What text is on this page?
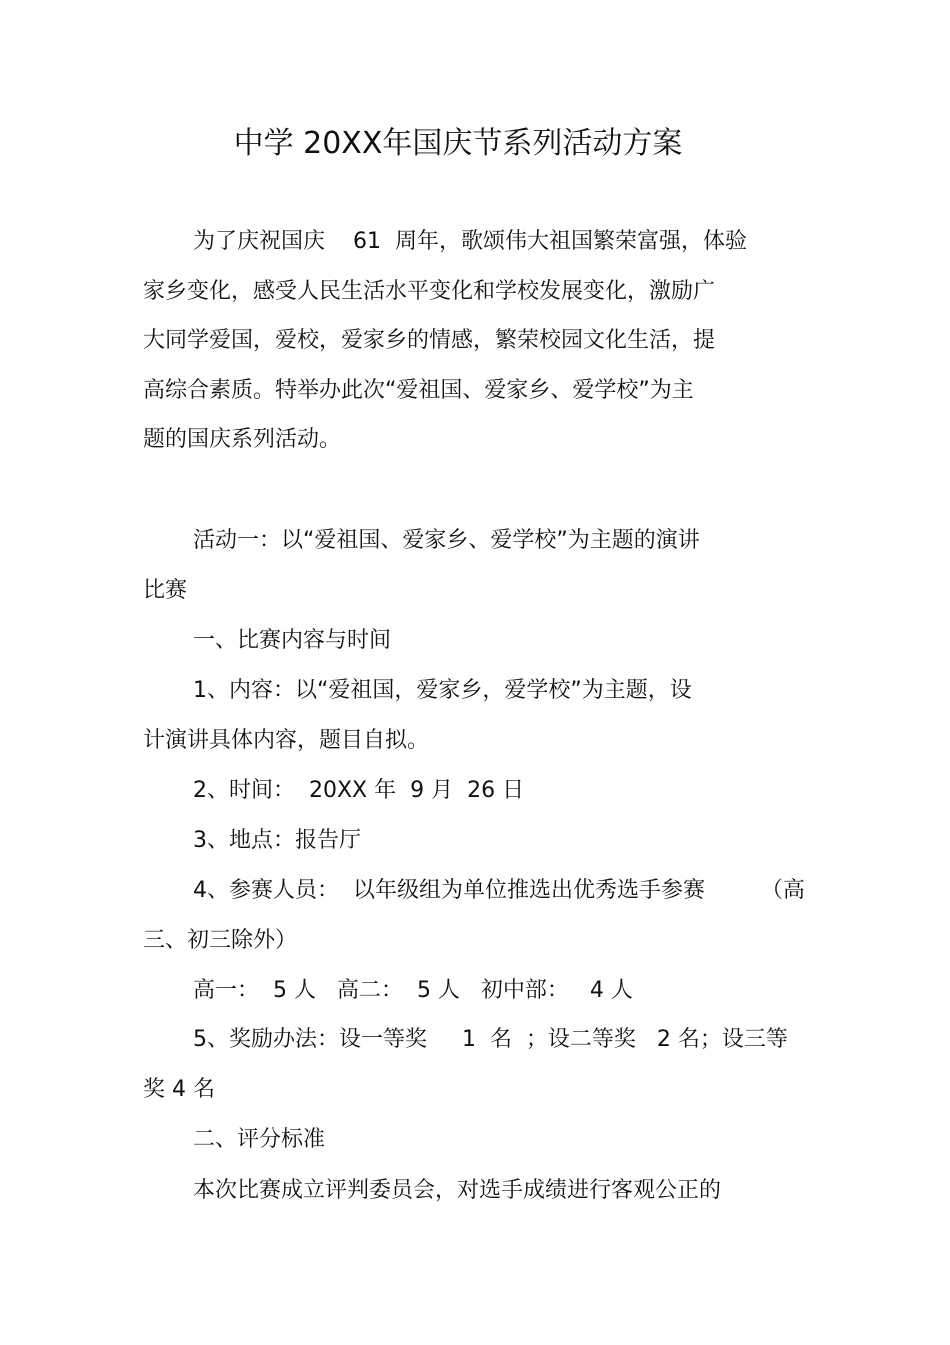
中学 20XX年国庆节系列活动方案
为了庆祝国庆    61  周年，歌颂伟大祖国繁荣富强，体验
家乡变化，感受人民生活水平变化和学校发展变化，激励广
大同学爱国，爱校，爱家乡的情感，繁荣校园文化生活，提
高综合素质。特举办此次“爱祖国、爱家乡、爱学校”为主
题的国庆系列活动。
活动一：以“爱祖国、爱家乡、爱学校”为主题的演讲
比赛
一、比赛内容与时间
1、内容：以“爱祖国，爱家乡，爱学校”为主题，设
计演讲具体内容，题目自拟。
2、时间：  20XX 年  9 月  26 日
3、地点：报告厅
4、参赛人员：  以年级组为单位推选出优秀选手参赛        （高
三、初三除外）
高一：  5 人   高二：  5 人   初中部：   4 人
5、奖励办法：设一等奖     1  名  ；设二等奖   2 名；设三等
奖 4 名
二、评分标准
本次比赛成立评判委员会，对选手成绩进行客观公正的
